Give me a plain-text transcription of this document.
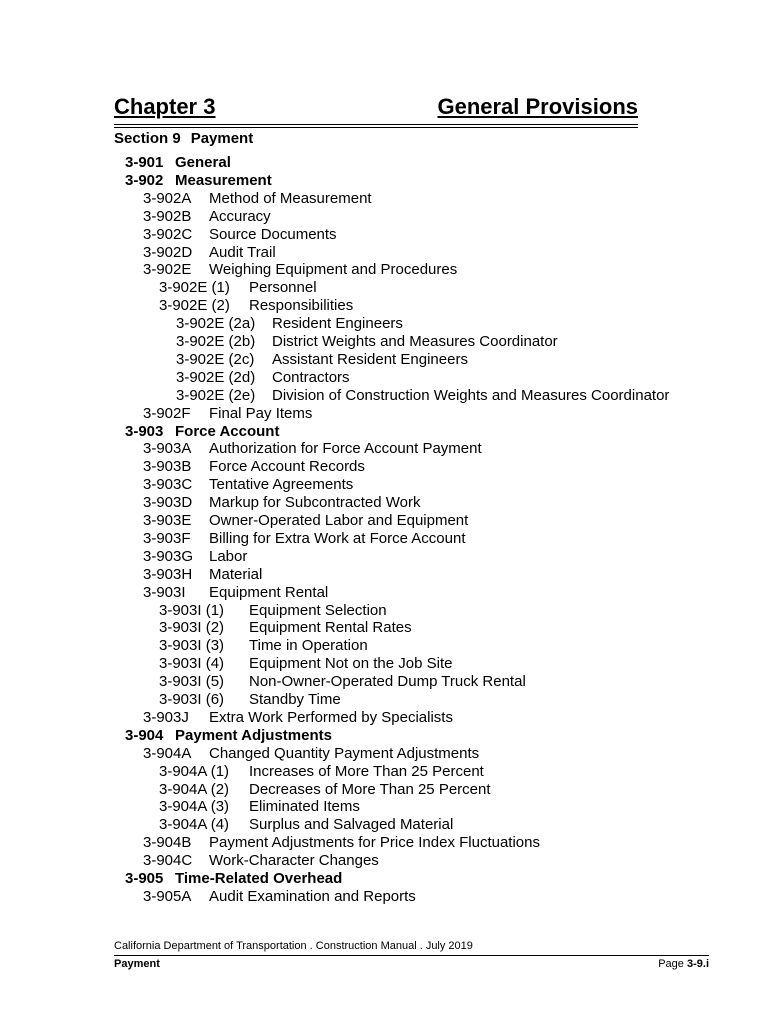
Chapter 3	General Provisions
Section 9 Payment
3-901 General
3-902 Measurement
3-902A Method of Measurement
3-902B Accuracy
3-902C Source Documents
3-902D Audit Trail
3-902E Weighing Equipment and Procedures
3-902E (1) Personnel
3-902E (2) Responsibilities
3-902E (2a) Resident Engineers
3-902E (2b) District Weights and Measures Coordinator
3-902E (2c) Assistant Resident Engineers
3-902E (2d) Contractors
3-902E (2e) Division of Construction Weights and Measures Coordinator
3-902F Final Pay Items
3-903 Force Account
3-903A Authorization for Force Account Payment
3-903B Force Account Records
3-903C Tentative Agreements
3-903D Markup for Subcontracted Work
3-903E Owner-Operated Labor and Equipment
3-903F Billing for Extra Work at Force Account
3-903G Labor
3-903H Material
3-903I Equipment Rental
3-903I (1) Equipment Selection
3-903I (2) Equipment Rental Rates
3-903I (3) Time in Operation
3-903I (4) Equipment Not on the Job Site
3-903I (5) Non-Owner-Operated Dump Truck Rental
3-903I (6) Standby Time
3-903J Extra Work Performed by Specialists
3-904 Payment Adjustments
3-904A Changed Quantity Payment Adjustments
3-904A (1) Increases of More Than 25 Percent
3-904A (2) Decreases of More Than 25 Percent
3-904A (3) Eliminated Items
3-904A (4) Surplus and Salvaged Material
3-904B Payment Adjustments for Price Index Fluctuations
3-904C Work-Character Changes
3-905 Time-Related Overhead
3-905A Audit Examination and Reports
California Department of Transportation . Construction Manual . July 2019
Payment	Page 3-9.i
